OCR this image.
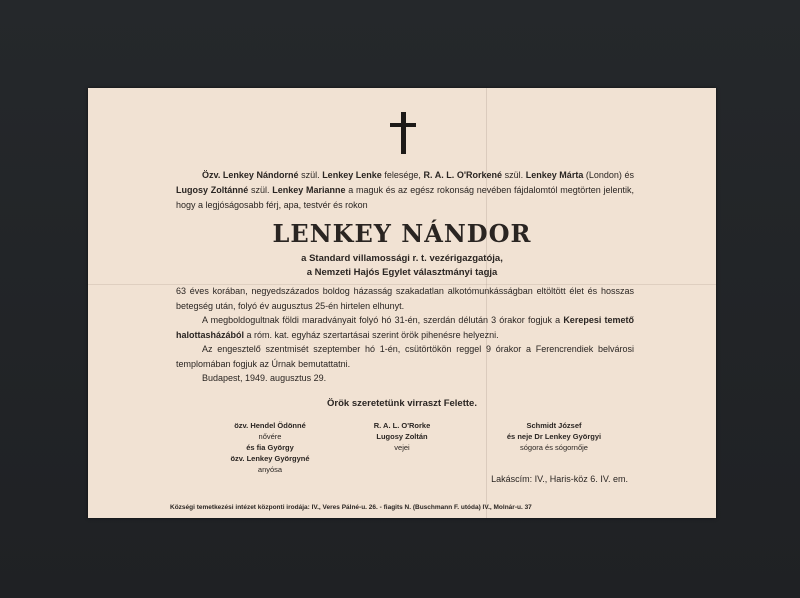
Özv. Lenkey Nándorné szül. Lenkey Lenke felesége, R. A. L. O'Rorkené szül. Lenkey Márta (London) és Lugosy Zoltánné szül. Lenkey Marianne a maguk és az egész rokonság nevében fájdalomtól megtörten jelentik, hogy a legjóságosabb férj, apa, testvér és rokon

LENKEY NÁNDOR
a Standard villamossági r. t. vezérigazgatója,
a Nemzeti Hajós Egylet választmányi tagja

63 éves korában, negyedszázados boldog házasság szakadatlan alkotómunkásságban eltöltött élet és hosszas betegség után, folyó év augusztus 25-én hirtelen elhunyt.

A megboldogultnak földi maradványait folyó hó 31-én, szerdán délután 3 órakor fogjuk a Kerepesi temető halottasházából a róm. kat. egyház szertartásai szerint örök pihenésre helyezni.

Az engesztelő szentmisét szeptember hó 1-én, csütörtökön reggel 9 órakor a Ferencrendiek belvárosi templomában fogjuk az Úrnak bemutattatni.

Budapest, 1949. augusztus 29.

Örök szeretetünk virraszt Felette.
özv. Hendel Ödönné
nővére
és fia György
özv. Lenkey Györgyné
anyósa
R. A. L. O'Rorke
Lugosy Zoltán
vejei
Schmidt József
és neje Dr Lenkey Györgyi
sógora és sógornője
Lakáscím: IV., Haris-köz 6. IV. em.
Községi temetkezési intézet központi irodája: IV., Veres Pálné-u. 26. - fiagits N. (Buschmann F. utóda) IV., Molnár-u. 37
